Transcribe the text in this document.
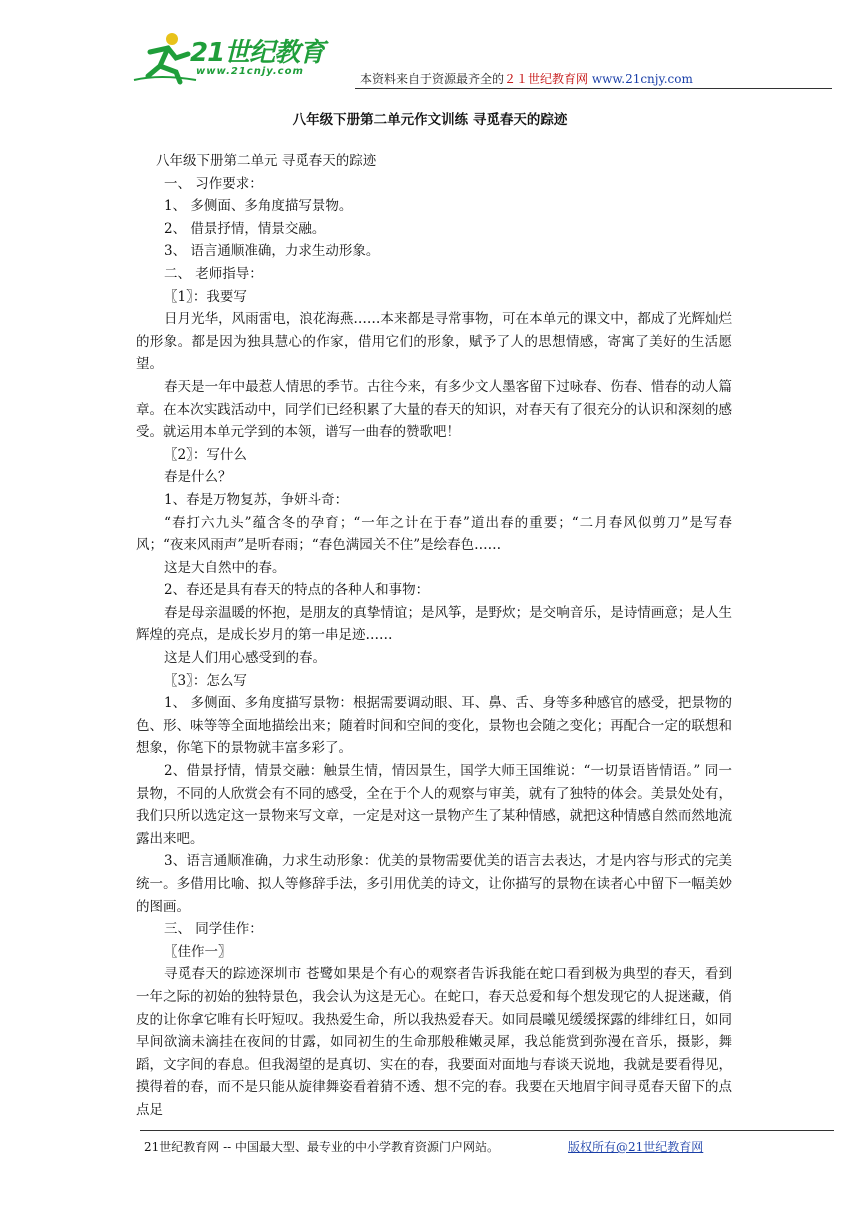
21世纪教育
www.21cnjy.com
本资料来自于资源最齐全的２１世纪教育网 www.21cnjy.com
八年级下册第二单元作文训练 寻觅春天的踪迹

八年级下册第二单元 寻觅春天的踪迹

一、 习作要求：

1、 多侧面、多角度描写景物。

2、 借景抒情，情景交融。

3、 语言通顺准确，力求生动形象。

二、 老师指导：

〖1〗：我要写

日月光华，风雨雷电，浪花海燕……本来都是寻常事物，可在本单元的课文中，都成了光辉灿烂的形象。都是因为独具慧心的作家，借用它们的形象，赋予了人的思想情感，寄寓了美好的生活愿望。

春天是一年中最惹人情思的季节。古往今来，有多少文人墨客留下过咏春、伤春、惜春的动人篇章。在本次实践活动中，同学们已经积累了大量的春天的知识，对春天有了很充分的认识和深刻的感受。就运用本单元学到的本领，谱写一曲春的赞歌吧！

〖2〗：写什么

春是什么？

1、春是万物复苏，争妍斗奇：

“春打六九头”蕴含冬的孕育；“一年之计在于春”道出春的重要；“二月春风似剪刀”是写春风；“夜来风雨声”是听春雨；“春色满园关不住”是绘春色……

这是大自然中的春。

2、春还是具有春天的特点的各种人和事物：

春是母亲温暖的怀抱，是朋友的真挚情谊；是风筝，是野炊；是交响音乐，是诗情画意；是人生辉煌的亮点，是成长岁月的第一串足迹……

这是人们用心感受到的春。

〖3〗：怎么写

1、 多侧面、多角度描写景物：根据需要调动眼、耳、鼻、舌、身等多种感官的感受，把景物的色、形、味等等全面地描绘出来；随着时间和空间的变化，景物也会随之变化；再配合一定的联想和想象，你笔下的景物就丰富多彩了。

2、借景抒情，情景交融：触景生情，情因景生，国学大师王国维说：“一切景语皆情语。” 同一景物，不同的人欣赏会有不同的感受，全在于个人的观察与审美，就有了独特的体会。美景处处有，我们只所以选定这一景物来写文章，一定是对这一景物产生了某种情感，就把这种情感自然而然地流露出来吧。

3、语言通顺准确，力求生动形象：优美的景物需要优美的语言去表达，才是内容与形式的完美统一。多借用比喻、拟人等修辞手法，多引用优美的诗文，让你描写的景物在读者心中留下一幅美妙的图画。

三、 同学佳作：

〖佳作一〗

寻觅春天的踪迹深圳市 苍鹭如果是个有心的观察者告诉我能在蛇口看到极为典型的春天，看到一年之际的初始的独特景色，我会认为这是无心。在蛇口，春天总爱和每个想发现它的人捉迷藏，俏皮的让你拿它唯有长吁短叹。我热爱生命，所以我热爱春天。如同晨曦见缓缓探露的绯绯红日，如同早间欲滴未滴挂在夜间的甘露，如同初生的生命那般稚嫩灵犀，我总能赏到弥漫在音乐，摄影，舞蹈，文字间的春息。但我渴望的是真切、实在的春，我要面对面地与春谈天说地，我就是要看得见，摸得着的春，而不是只能从旋律舞姿看着猜不透、想不完的春。我要在天地眉宇间寻觅春天留下的点点足

21世纪教育网 -- 中国最大型、最专业的中小学教育资源门户网站。	版权所有@21世纪教育网
